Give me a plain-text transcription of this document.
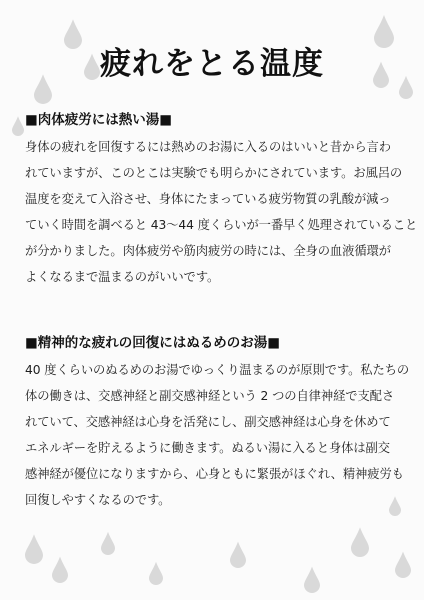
疲れをとる温度
■肉体疲労には熱い湯■

身体の疲れを回復するには熱めのお湯に入るのはいいと昔から言わ

れていますが、このとこは実験でも明らかにされています。お風呂の

温度を変えて入浴させ、身体にたまっている疲労物質の乳酸が減っ

ていく時間を調べると 43～44 度くらいが一番早く処理されていること

が分かりました。肉体疲労や筋肉疲労の時には、全身の血液循環が

よくなるまで温まるのがいいです。

■精神的な疲れの回復にはぬるめのお湯■

40 度くらいのぬるめのお湯でゆっくり温まるのが原則です。私たちの

体の働きは、交感神経と副交感神経という 2 つの自律神経で支配さ

れていて、交感神経は心身を活発にし、副交感神経は心身を休めて

エネルギーを貯えるように働きます。ぬるい湯に入ると身体は副交

感神経が優位になりますから、心身ともに緊張がほぐれ、精神疲労も

回復しやすくなるのです。
